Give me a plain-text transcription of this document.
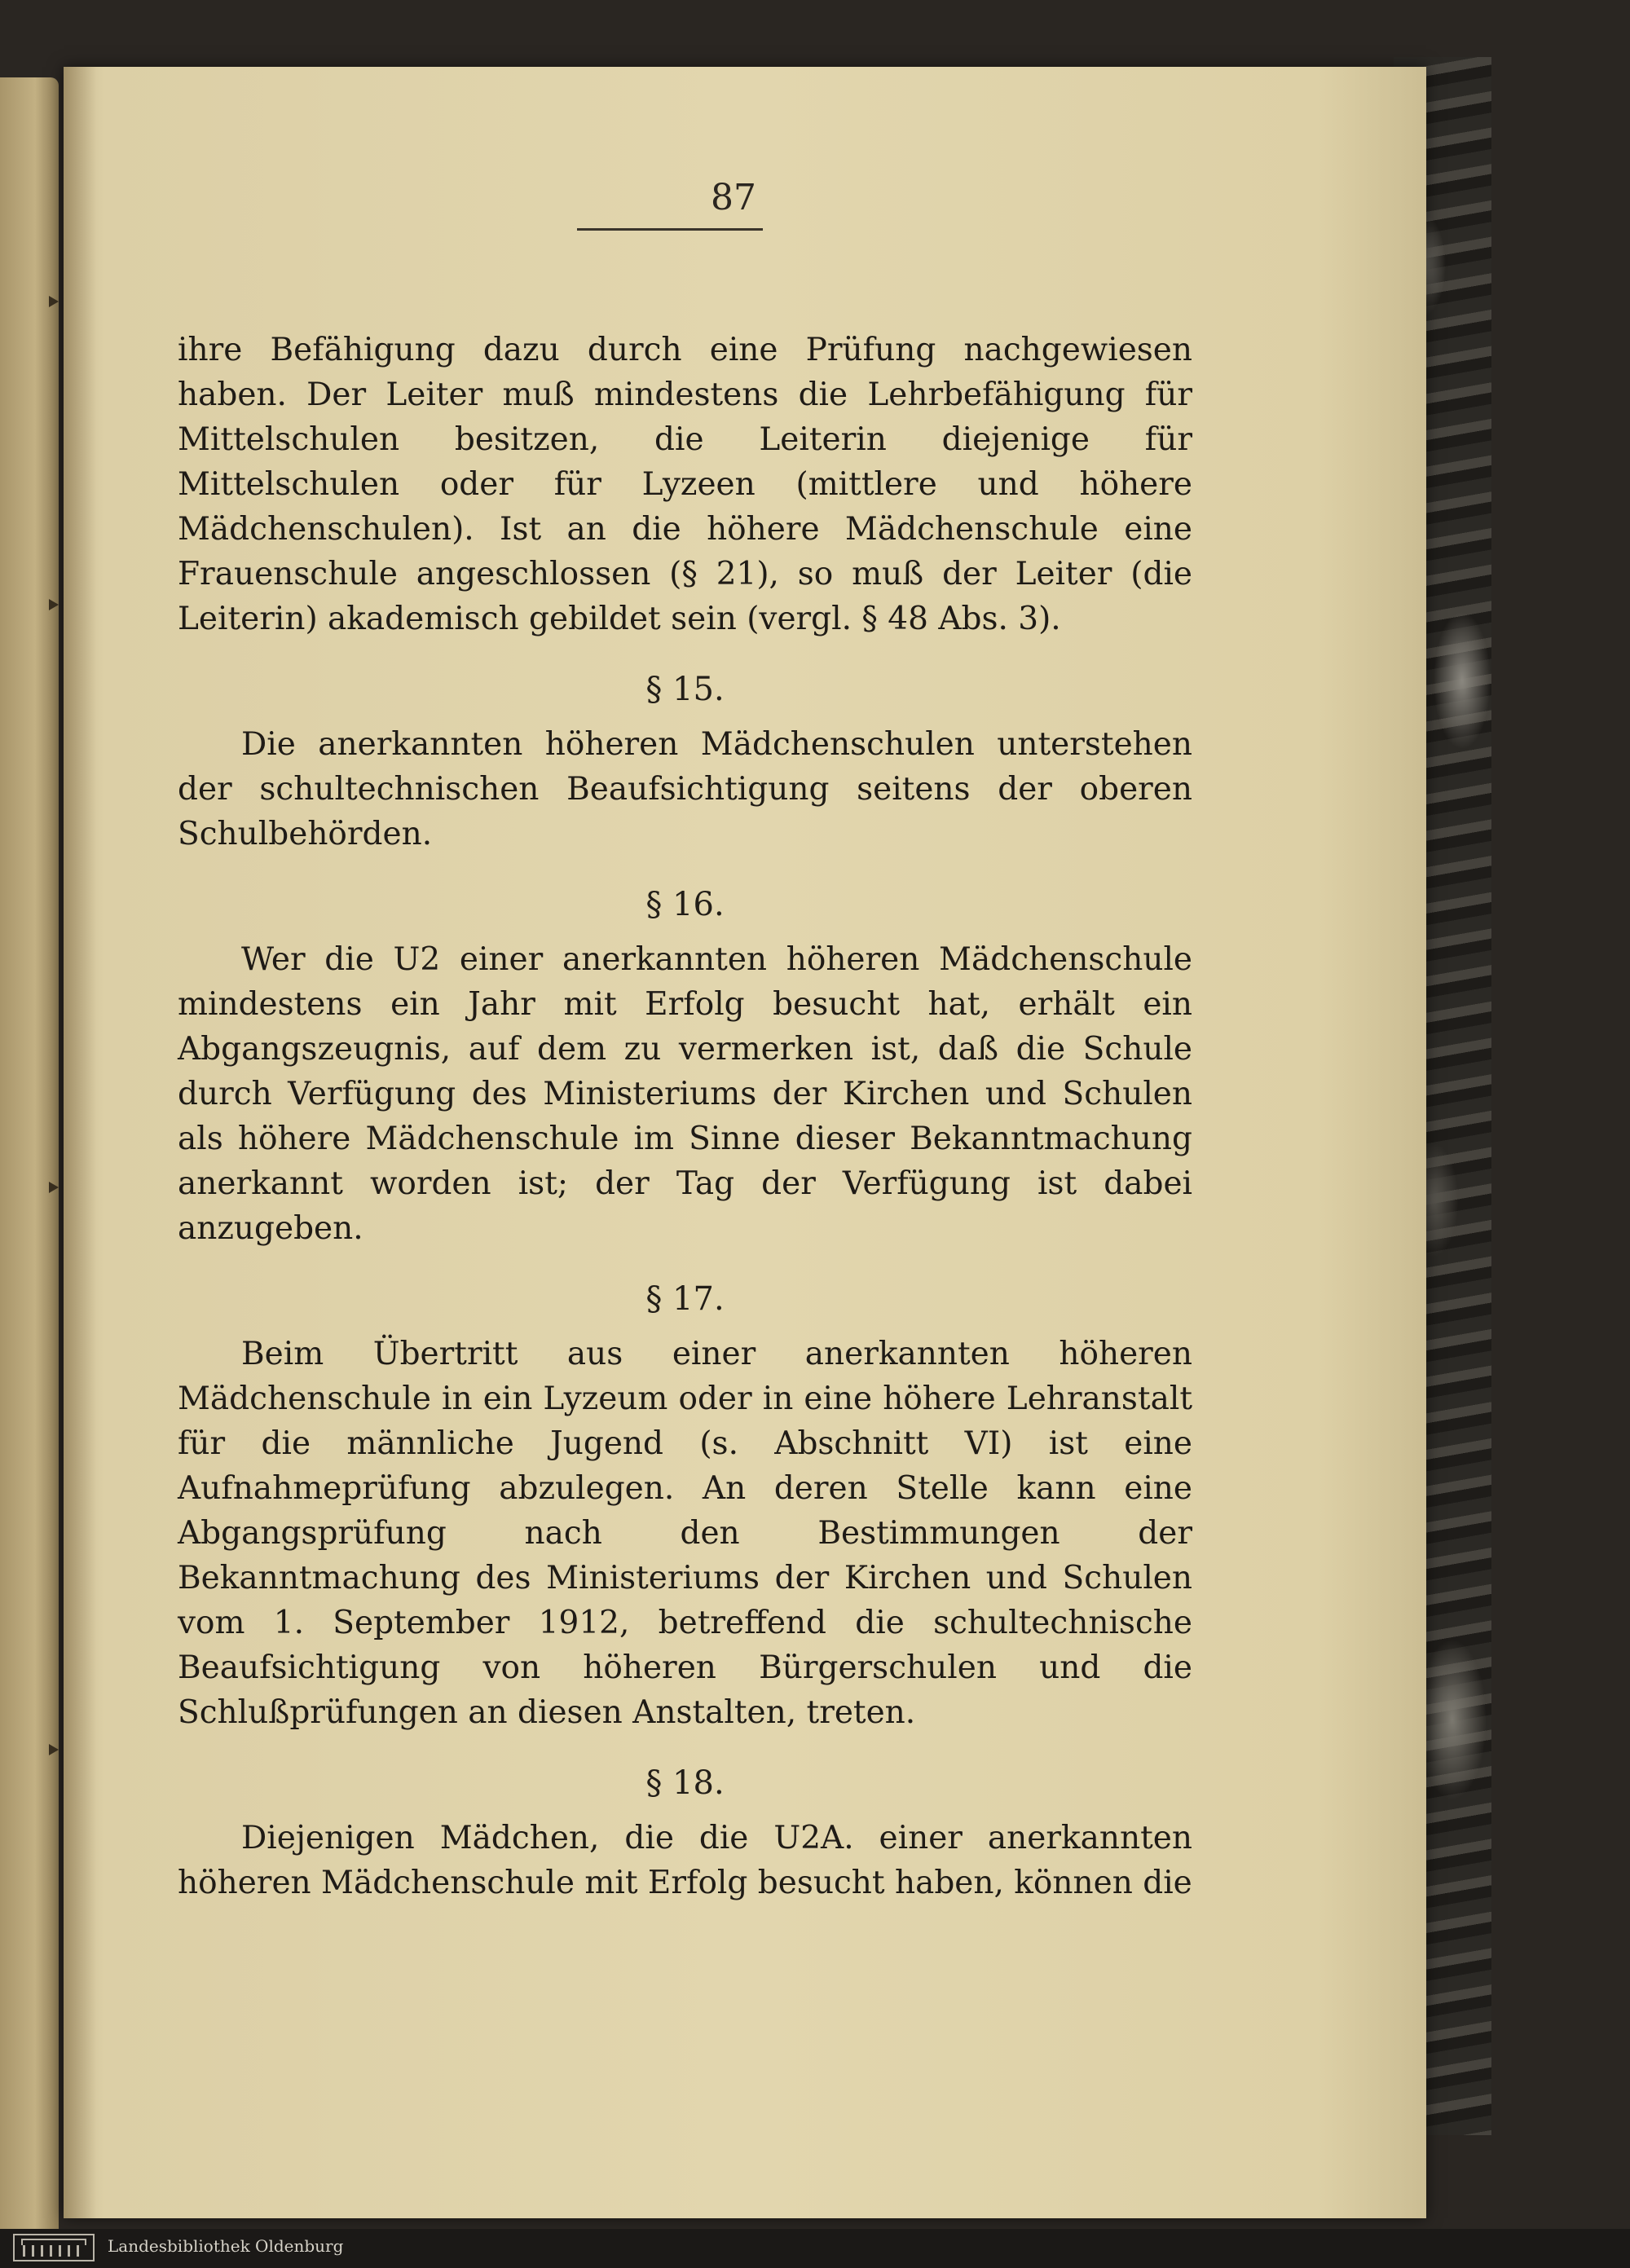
87

ihre Befähigung dazu durch eine Prüfung nachgewiesen haben. Der Leiter muß mindestens die Lehrbefähigung für Mittelschulen besitzen, die Leiterin diejenige für Mittelschulen oder für Lyzeen (mittlere und höhere Mädchenschulen). Ist an die höhere Mädchenschule eine Frauenschule angeschlossen (§ 21), so muß der Leiter (die Leiterin) akademisch gebildet sein (vergl. § 48 Abs. 3).

§ 15.

Die anerkannten höheren Mädchenschulen unterstehen der schultechnischen Beaufsichtigung seitens der oberen Schulbehörden.

§ 16.

Wer die U2 einer anerkannten höheren Mädchenschule mindestens ein Jahr mit Erfolg besucht hat, erhält ein Abgangszeugnis, auf dem zu vermerken ist, daß die Schule durch Verfügung des Ministeriums der Kirchen und Schulen als höhere Mädchenschule im Sinne dieser Bekanntmachung anerkannt worden ist; der Tag der Verfügung ist dabei anzugeben.

§ 17.

Beim Übertritt aus einer anerkannten höheren Mädchenschule in ein Lyzeum oder in eine höhere Lehranstalt für die männliche Jugend (s. Abschnitt VI) ist eine Aufnahmeprüfung abzulegen. An deren Stelle kann eine Abgangsprüfung nach den Bestimmungen der Bekanntmachung des Ministeriums der Kirchen und Schulen vom 1. September 1912, betreffend die schultechnische Beaufsichtigung von höheren Bürgerschulen und die Schlußprüfungen an diesen Anstalten, treten.

§ 18.

Diejenigen Mädchen, die die U2A. einer anerkannten höheren Mädchenschule mit Erfolg besucht haben, können die

Landesbibliothek Oldenburg
